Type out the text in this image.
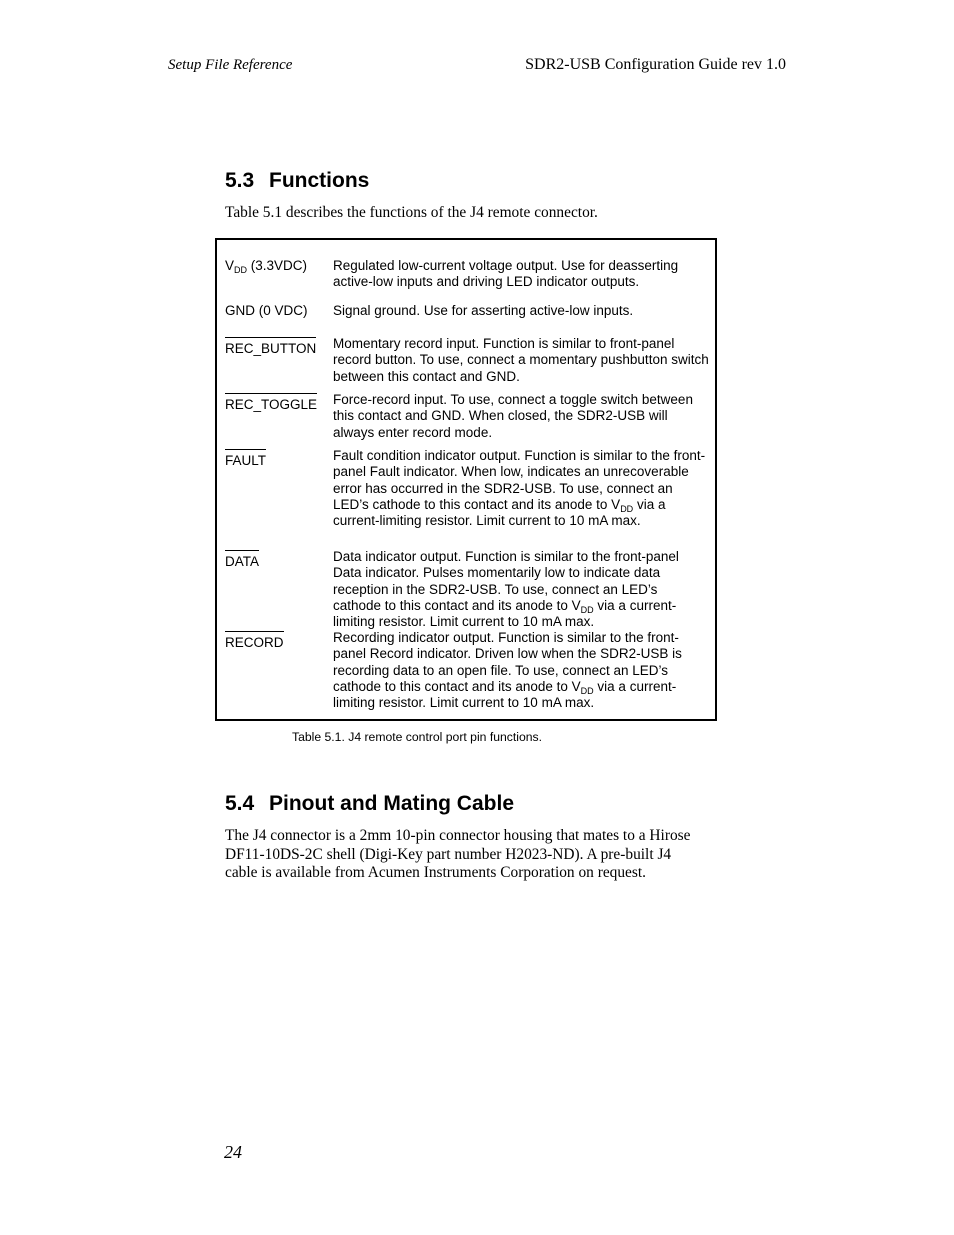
Setup File Reference	SDR2-USB Configuration Guide rev 1.0
5.3 Functions
Table 5.1 describes the functions of the J4 remote connector.
$V_{DD}$ (3.3VDC) Regulated low-current voltage output. Use for deasserting active-low inputs and driving LED indicator outputs.
GND (0 VDC) Signal ground. Use for asserting active-low inputs.
REC_BUTTON Momentary record input. Function is similar to front-panel record button. To use, connect a momentary pushbutton switch between this contact and GND.
REC_TOGGLE Force-record input. To use, connect a toggle switch between this contact and GND. When closed, the SDR2-USB will always enter record mode.
FAULT	Fault condition indicator output. Function is similar to the front-panel Fault indicator. When low, indicates an unrecoverable error has occurred in the SDR2-USB. To use, connect an LED’s cathode to this contact and its anode to $V_{DD}$ via a current-limiting resistor. Limit current to 10 mA max.
DATA	Data indicator output. Function is similar to the front-panel Data indicator. Pulses momentarily low to indicate data reception in the SDR2-USB. To use, connect an LED’s cathode to this contact and its anode to $V_{DD}$ via a current-limiting resistor. Limit current to 10 mA max.
RECORD	Recording indicator output. Function is similar to the front-panel Record indicator. Driven low when the SDR2-USB is recording data to an open file. To use, connect an LED’s cathode to this contact and its anode to $V_{DD}$ via a current-limiting resistor. Limit current to 10 mA max.
Table 5.1. J4 remote control port pin functions.
5.4 Pinout and Mating Cable
The J4 connector is a 2mm 10-pin connector housing that mates to a Hirose DF11-10DS-2C shell (Digi-Key part number H2023-ND). A pre-built J4 cable is available from Acumen Instruments Corporation on request.
24
